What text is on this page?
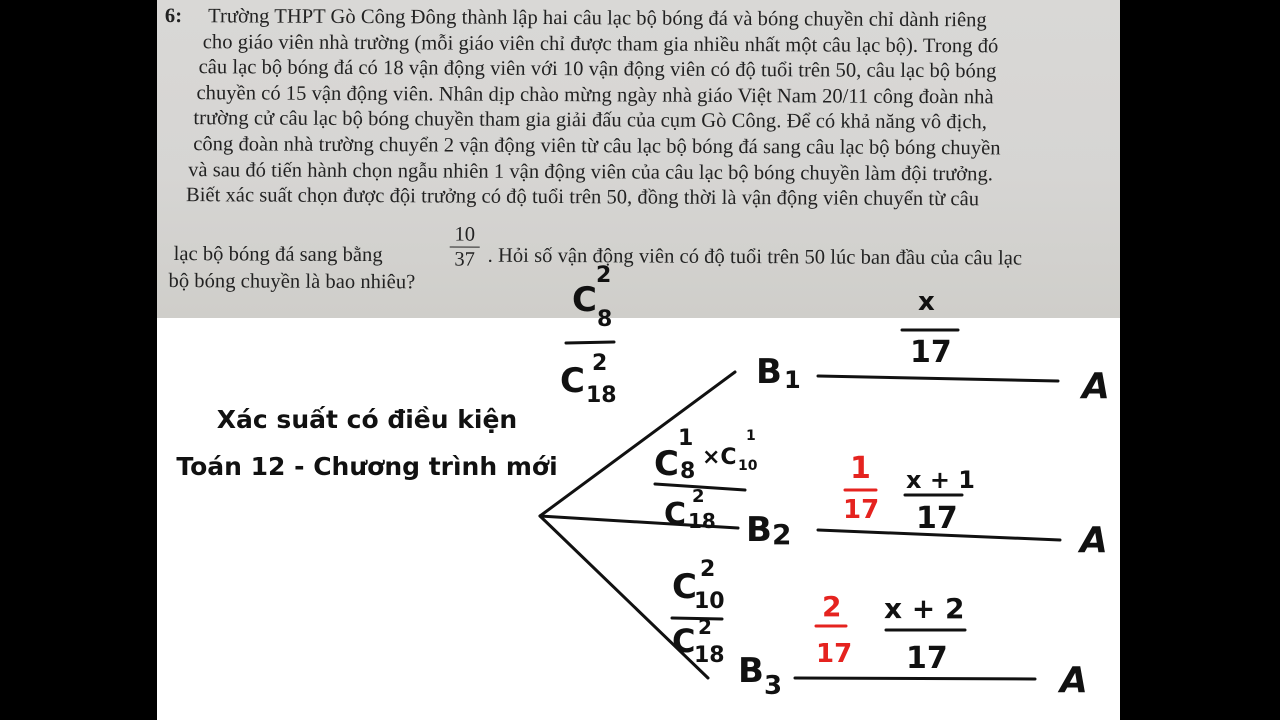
6: Trường THPT Gò Công Đông thành lập hai câu lạc bộ bóng đá và bóng chuyền chỉ dành riêng

cho giáo viên nhà trường (mỗi giáo viên chỉ được tham gia nhiều nhất một câu lạc bộ). Trong đó

câu lạc bộ bóng đá có 18 vận động viên với 10 vận động viên có độ tuổi trên 50, câu lạc bộ bóng

chuyền có 15 vận động viên. Nhân dịp chào mừng ngày nhà giáo Việt Nam 20/11 công đoàn nhà

trường cử câu lạc bộ bóng chuyền tham gia giải đấu của cụm Gò Công. Để có khả năng vô địch,

công đoàn nhà trường chuyển 2 vận động viên từ câu lạc bộ bóng đá sang câu lạc bộ bóng chuyền

và sau đó tiến hành chọn ngẫu nhiên 1 vận động viên của câu lạc bộ bóng chuyền làm đội trưởng.

Biết xác suất chọn được đội trưởng có độ tuổi trên 50, đồng thời là vận động viên chuyển từ câu

lạc bộ bóng đá sang bằng
10
37 . Hỏi số vận động viên có độ tuổi trên 50 lúc ban đầu của câu lạc

bộ bóng chuyền là bao nhiêu?

Xác suất có điều kiện
Toán 12 - Chương trình mới
C
2
8
C 2
18
C
1
8
×C
1
10
C
2
18
C 2
10
C 2
18
B 1
B 2
B 3
x
17
x + 1
17
x + 2
17
A
A
A
1
17
2
17
